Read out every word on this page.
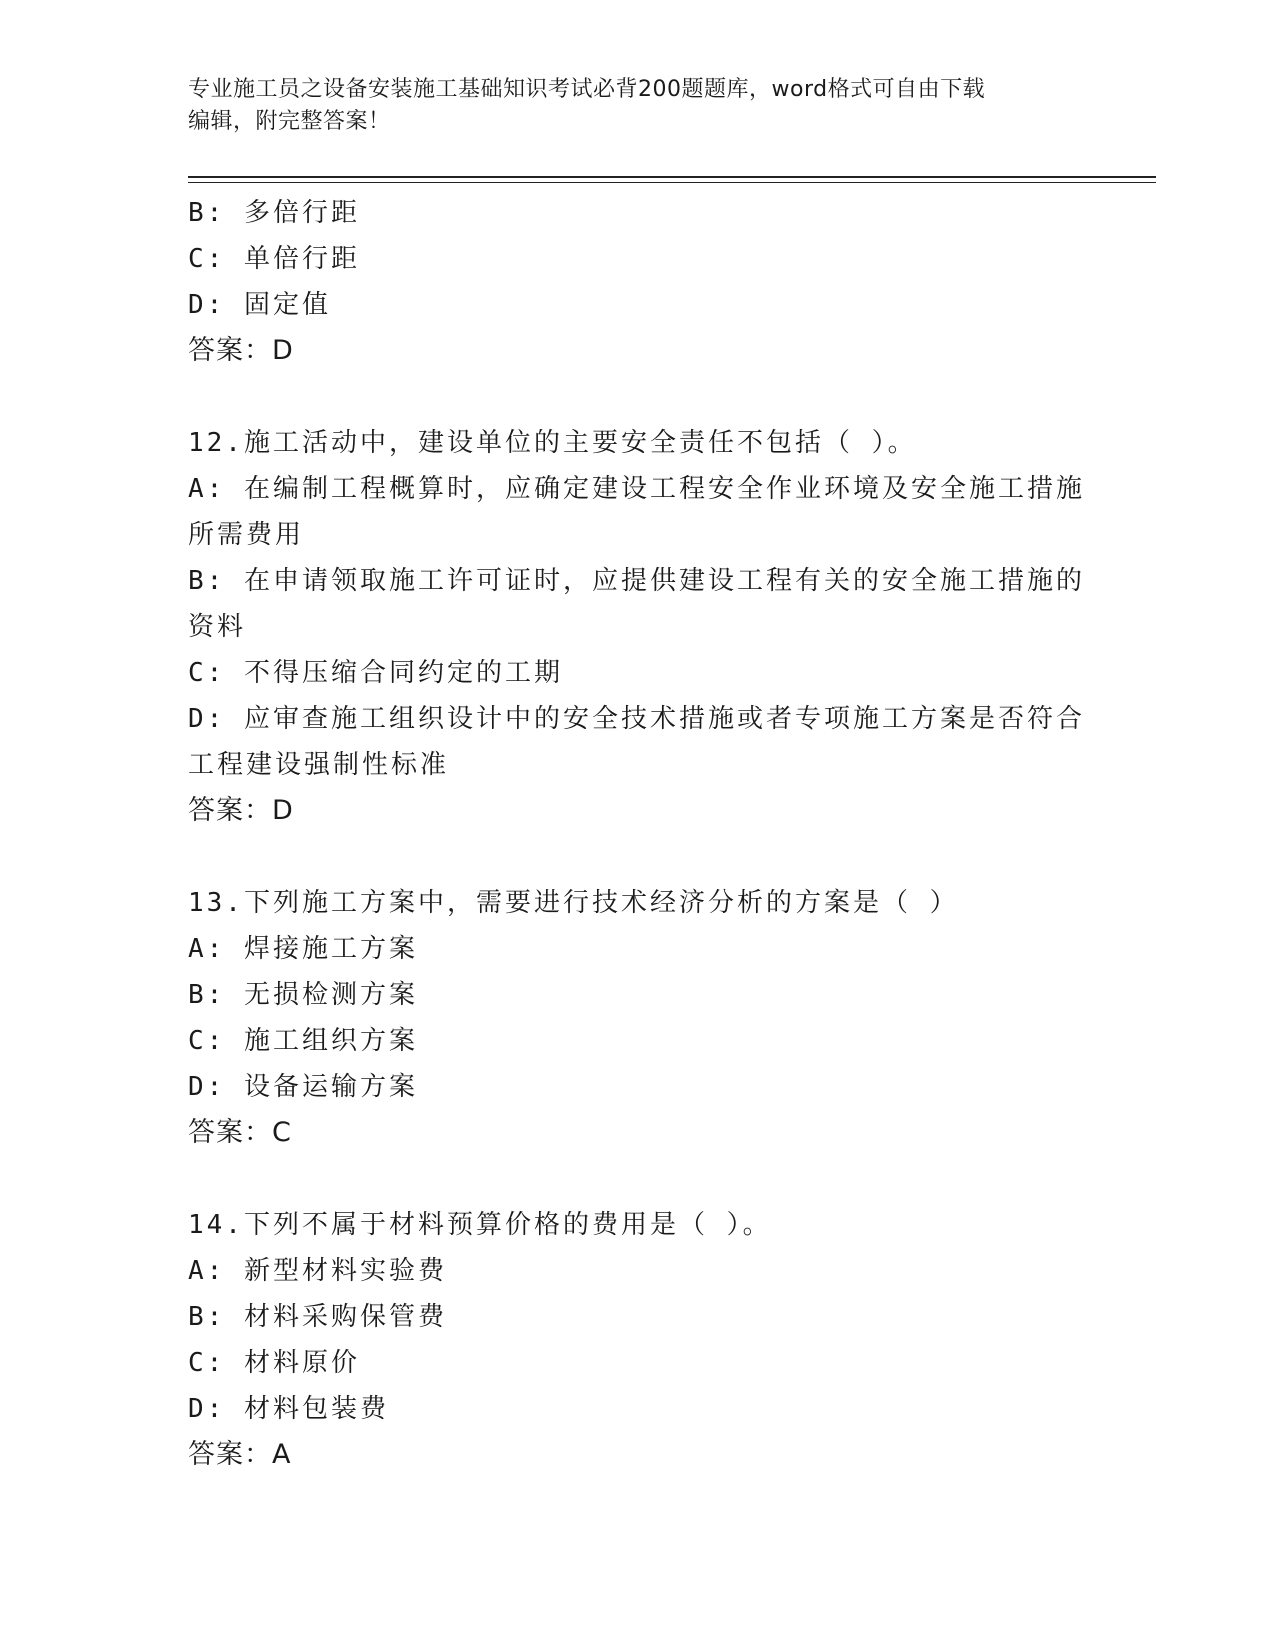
专业施工员之设备安装施工基础知识考试必背200题题库，word格式可自由下载
编辑，附完整答案！
B: 多倍行距
C: 单倍行距
D: 固定值
答案：D
12.施工活动中，建设单位的主要安全责任不包括（ ）。
A: 在编制工程概算时，应确定建设工程安全作业环境及安全施工措施
所需费用
B: 在申请领取施工许可证时，应提供建设工程有关的安全施工措施的
资料
C: 不得压缩合同约定的工期
D: 应审查施工组织设计中的安全技术措施或者专项施工方案是否符合
工程建设强制性标准
答案：D
13.下列施工方案中，需要进行技术经济分析的方案是（ ）
A: 焊接施工方案
B: 无损检测方案
C: 施工组织方案
D: 设备运输方案
答案：C
14.下列不属于材料预算价格的费用是（ ）。
A: 新型材料实验费
B: 材料采购保管费
C: 材料原价
D: 材料包装费
答案：A
